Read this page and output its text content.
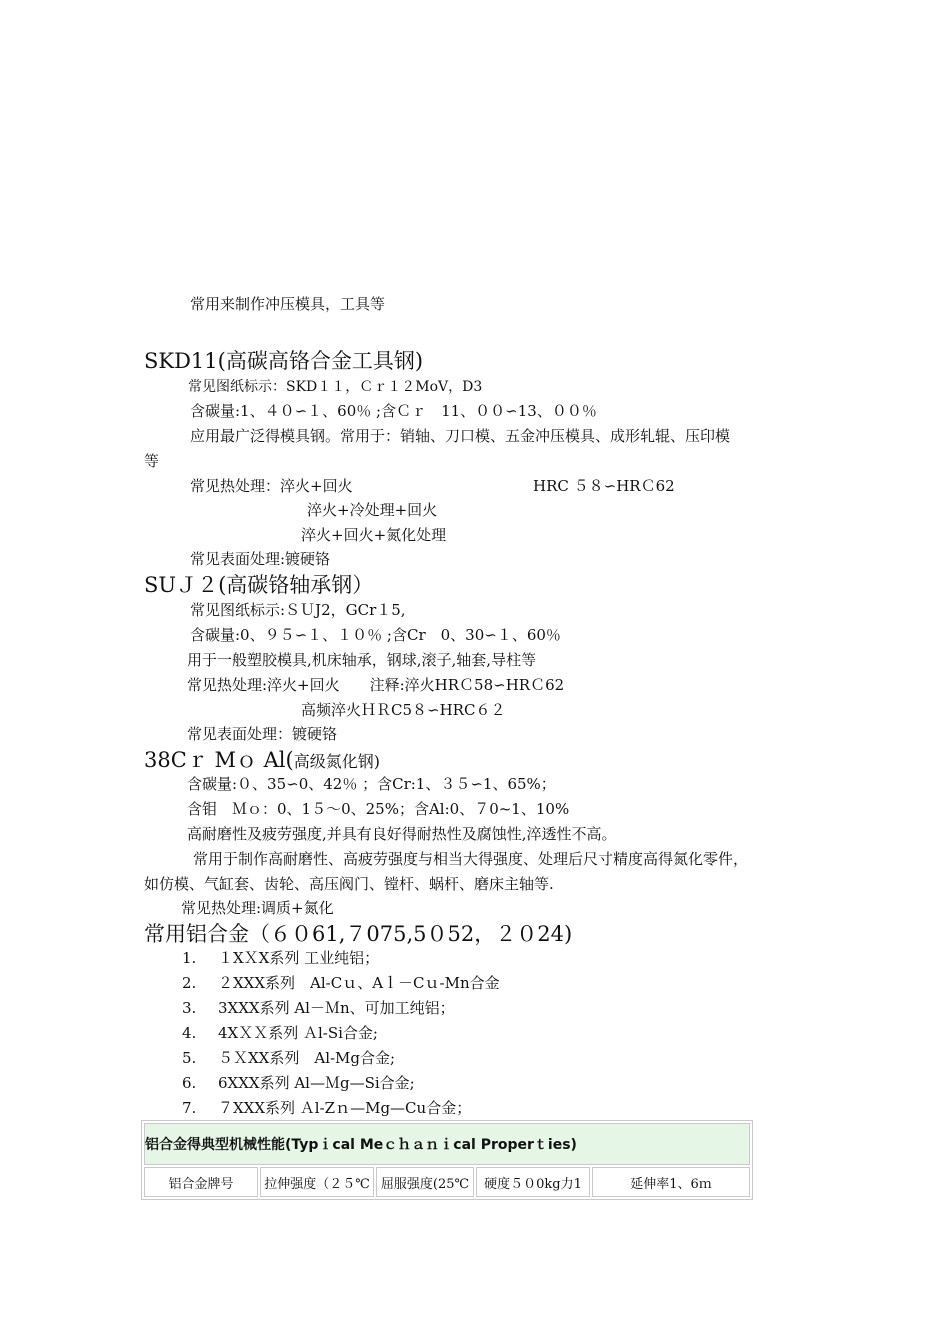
常用来制作冲压模具，工具等
SKD11(高碳高铬合金工具钢)
常见图纸标示：SKD１１，Ｃｒ１２MoV，D3
含碳量:1、４０∽１、60％ ;含Ｃｒ　11、００∽13、００％
应用最广泛得模具钢。常用于：销轴、刀口模、五金冲压模具、成形轧辊、压印模
等
常见热处理：淬火+回火	HRC ５８∽HRＣ62
淬火+冷处理+回火
淬火+回火+氮化处理
常见表面处理:镀硬铬
SUＪ２(高碳铬轴承钢）
常见图纸标示:ＳＵJ2，GCr１5,
含碳量:0、９５∽１、１０％ ;含Cr　0、30∽１、60％
用于一般塑胶模具,机床轴承，钢球,滚子,轴套,导柱等
常见热处理:淬火+回火　　注释:淬火HRＣ58∽HRＣ62
高频淬火ＨＲC5８∽HRC６２
常见表面处理：镀硬铬
38Cｒ Mｏ Al(高级氮化钢)
含碳量:０、35∽0、42％ ；含Cr:1、３５∽1、65%；
含钼　Ｍｏ：0、1５～0、25%；含Al:0、７0~1、10%
高耐磨性及疲劳强度,并具有良好得耐热性及腐蚀性,淬透性不高。
常用于制作高耐磨性、高疲劳强度与相当大得强度、处理后尺寸精度高得氮化零件，
如仿模、气缸套、齿轮、高压阀门、镗杆、蜗杆、磨床主轴等.
常见热处理:调质+氮化
常用铝合金（６０61,７075,5０52，２０24)
1. １XＸX系列 工业纯铝；
2. ２XXX系列　Al-Cｕ、Aｌ－Cｕ-Mn合金
3. 3XXX系列 Al－Ｍn、可加工纯铝；
4. 4XＸＸ系列 Ａl-Si合金;
5. ５ＸXX系列　Al-Mg合金;
6. 6XXX系列 Al—Ｍg—Si合金;
7. ７XXX系列 Ａl-Zｎ—Mg—Cu合金；
铝合金得典型机械性能(Typｉcal Meｃｈａｎｉcal Properｔies)
铝合金牌号	拉伸强度（２５℃	屈服强度(25℃	硬度５０0kg力1	延伸率1、6ｍ
